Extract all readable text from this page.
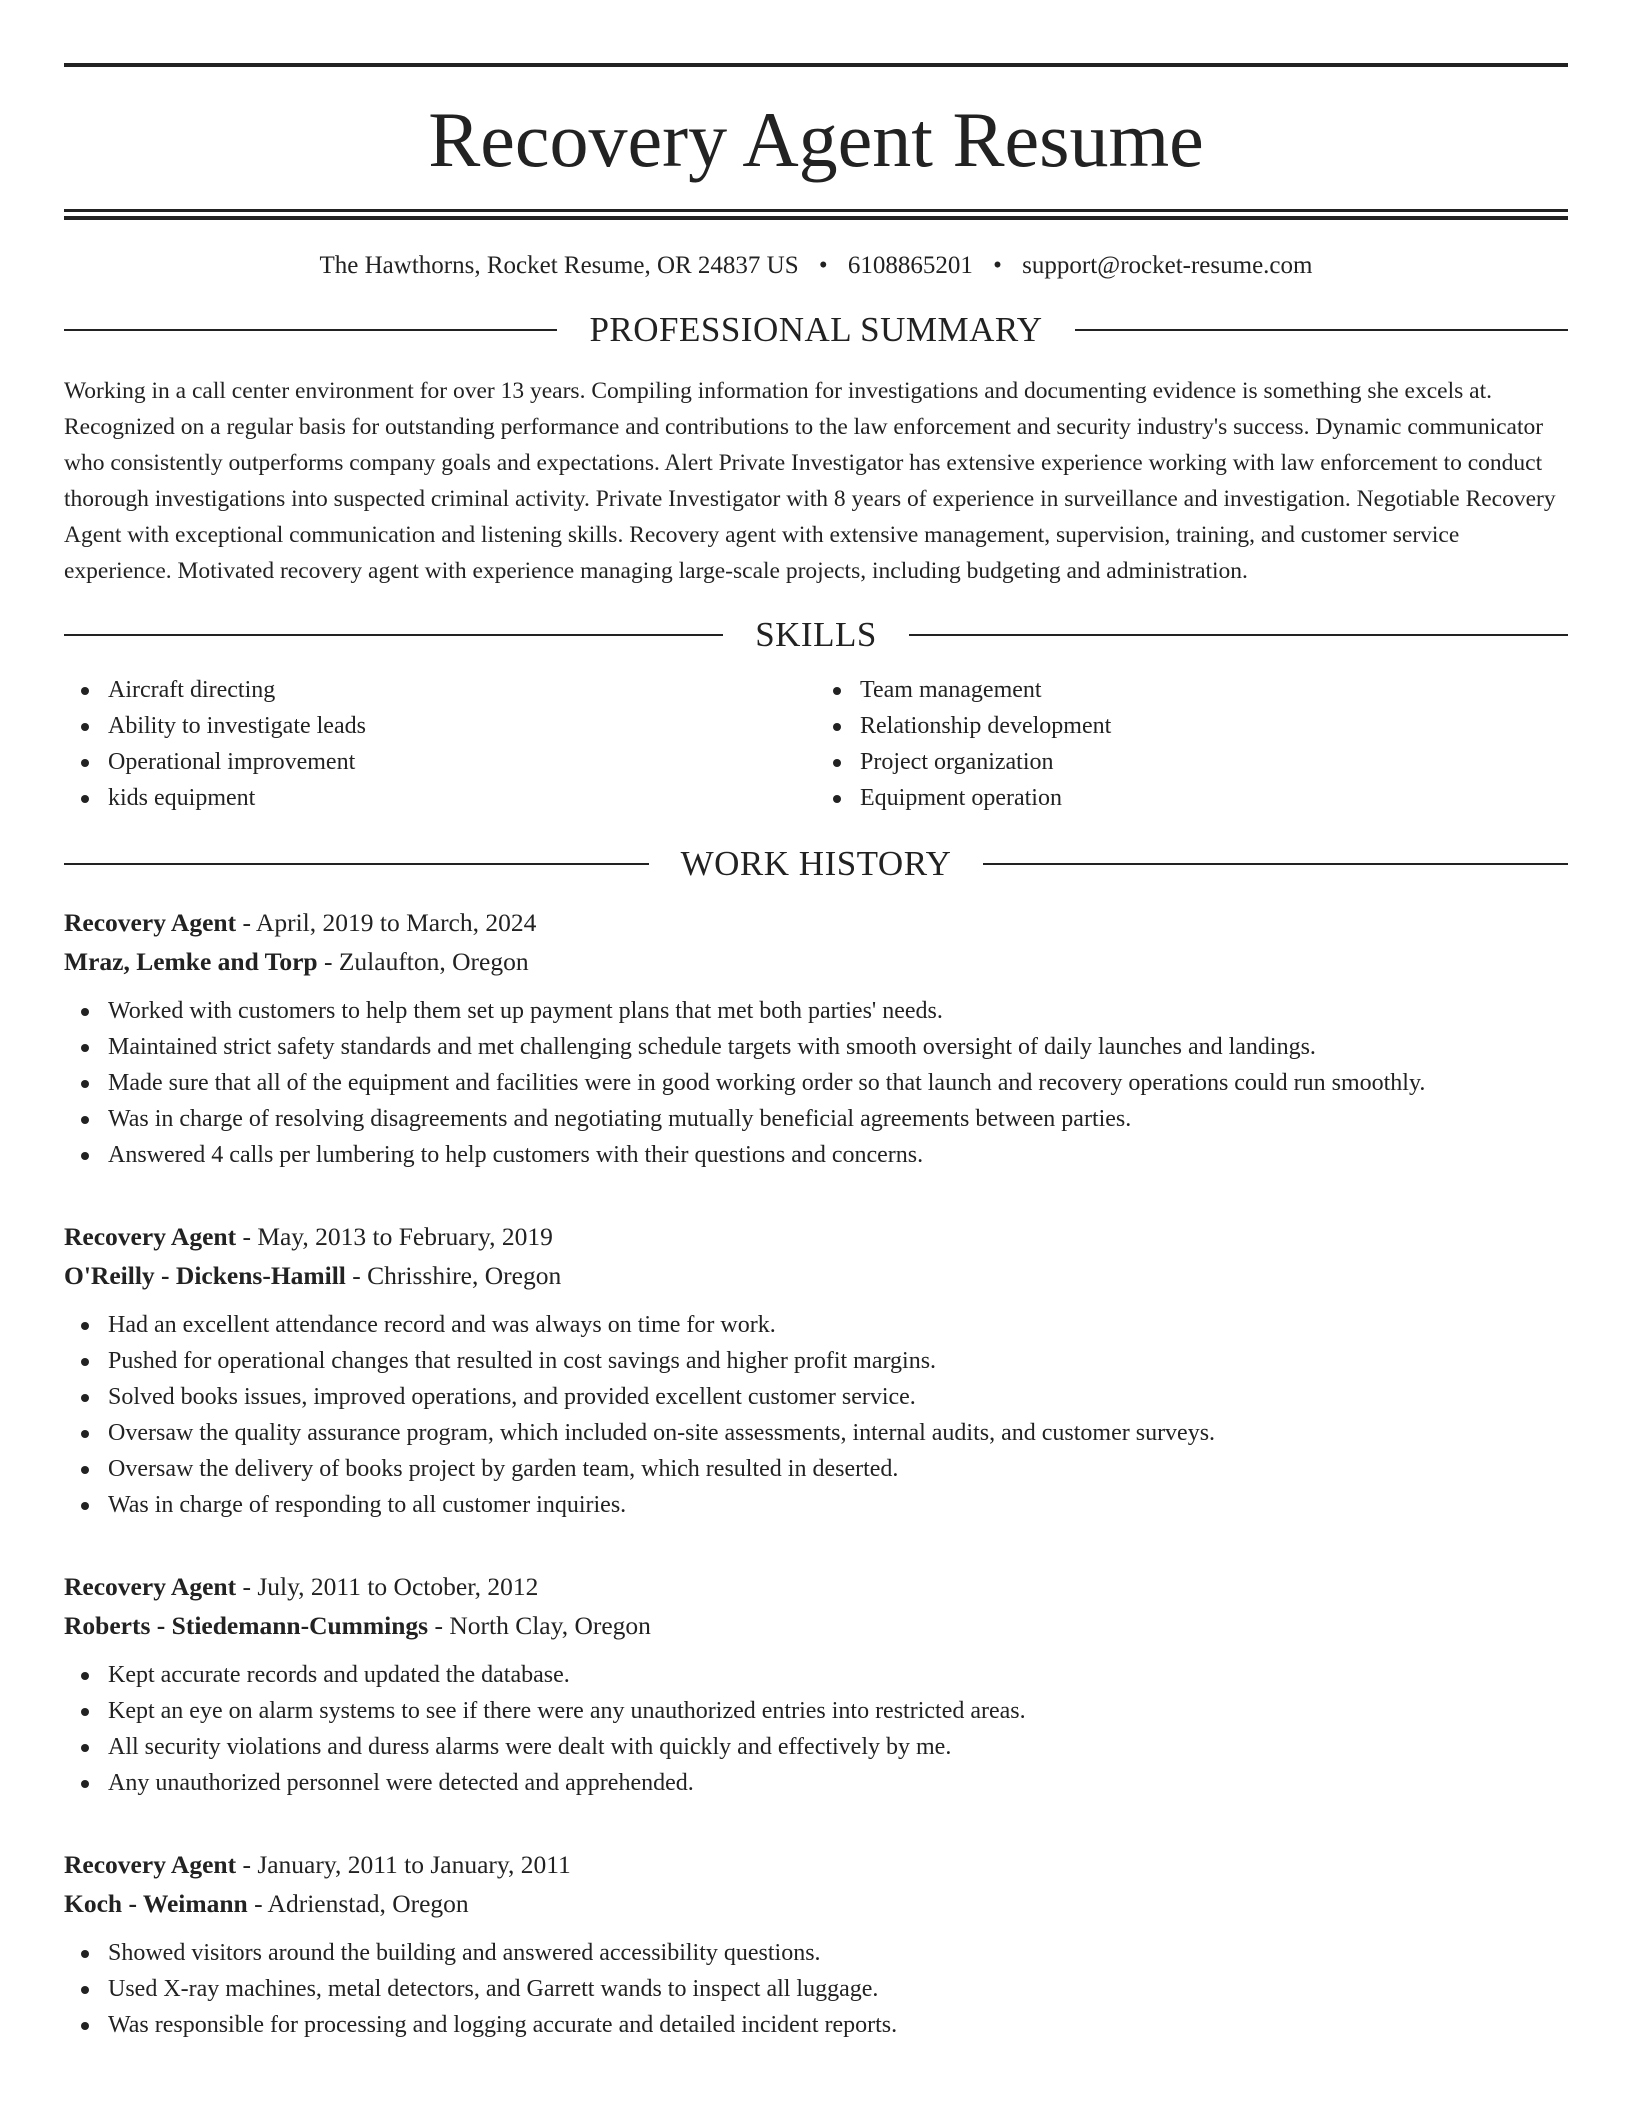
Recovery Agent Resume
The Hawthorns, Rocket Resume, OR 24837 US • 6108865201 • support@rocket-resume.com
PROFESSIONAL SUMMARY

Working in a call center environment for over 13 years. Compiling information for investigations and documenting evidence is something she excels at. Recognized on a regular basis for outstanding performance and contributions to the law enforcement and security industry's success. Dynamic communicator who consistently outperforms company goals and expectations. Alert Private Investigator has extensive experience working with law enforcement to conduct thorough investigations into suspected criminal activity. Private Investigator with 8 years of experience in surveillance and investigation. Negotiable Recovery Agent with exceptional communication and listening skills. Recovery agent with extensive management, supervision, training, and customer service experience. Motivated recovery agent with experience managing large-scale projects, including budgeting and administration.

SKILLS
Aircraft directing
Ability to investigate leads
Operational improvement
kids equipment
Team management
Relationship development
Project organization
Equipment operation
WORK HISTORY
Recovery Agent - April, 2019 to March, 2024
Mraz, Lemke and Torp - Zulaufton, Oregon
Worked with customers to help them set up payment plans that met both parties' needs.
Maintained strict safety standards and met challenging schedule targets with smooth oversight of daily launches and landings.
Made sure that all of the equipment and facilities were in good working order so that launch and recovery operations could run smoothly.
Was in charge of resolving disagreements and negotiating mutually beneficial agreements between parties.
Answered 4 calls per lumbering to help customers with their questions and concerns.
Recovery Agent - May, 2013 to February, 2019
O'Reilly - Dickens-Hamill - Chrisshire, Oregon
Had an excellent attendance record and was always on time for work.
Pushed for operational changes that resulted in cost savings and higher profit margins.
Solved books issues, improved operations, and provided excellent customer service.
Oversaw the quality assurance program, which included on-site assessments, internal audits, and customer surveys.
Oversaw the delivery of books project by garden team, which resulted in deserted.
Was in charge of responding to all customer inquiries.
Recovery Agent - July, 2011 to October, 2012
Roberts - Stiedemann-Cummings - North Clay, Oregon
Kept accurate records and updated the database.
Kept an eye on alarm systems to see if there were any unauthorized entries into restricted areas.
All security violations and duress alarms were dealt with quickly and effectively by me.
Any unauthorized personnel were detected and apprehended.
Recovery Agent - January, 2011 to January, 2011
Koch - Weimann - Adrienstad, Oregon
Showed visitors around the building and answered accessibility questions.
Used X-ray machines, metal detectors, and Garrett wands to inspect all luggage.
Was responsible for processing and logging accurate and detailed incident reports.
